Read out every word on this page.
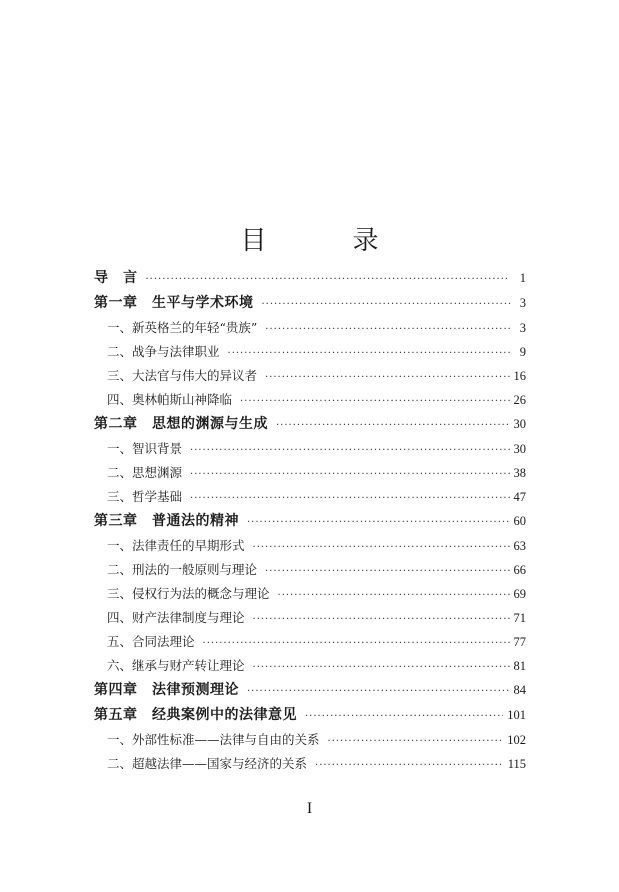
目　录
导　言 ·····	1
第一章　生平与学术环境 ·····	3
一、新英格兰的年轻“贵族” ·····	3
二、战争与法律职业 ·····	9
三、大法官与伟大的异议者 ·····	16
四、奥林帕斯山神降临 ·····	26
第二章　思想的渊源与生成 ·····	30
一、智识背景 ·····	30
二、思想渊源 ·····	38
三、哲学基础 ·····	47
第三章　普通法的精神 ·····	60
一、法律责任的早期形式 ·····	63
二、刑法的一般原则与理论 ·····	66
三、侵权行为法的概念与理论 ·····	69
四、财产法律制度与理论 ·····	71
五、合同法理论 ·····	77
六、继承与财产转让理论 ·····	81
第四章　法律预测理论 ·····	84
第五章　经典案例中的法律意见 ·····	101
一、外部性标准——法律与自由的关系 ·····	102
二、超越法律——国家与经济的关系 ·····	115
I
